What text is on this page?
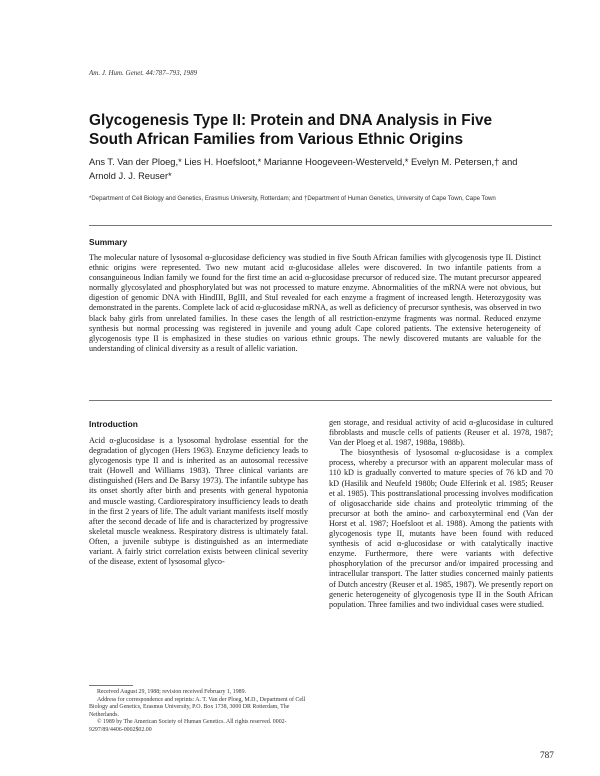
Am. J. Hum. Genet. 44:787–793, 1989
Glycogenesis Type II: Protein and DNA Analysis in Five South African Families from Various Ethnic Origins
Ans T. Van der Ploeg,* Lies H. Hoefsloot,* Marianne Hoogeveen-Westerveld,* Evelyn M. Petersen,† and Arnold J. J. Reuser*
*Department of Cell Biology and Genetics, Erasmus University, Rotterdam; and †Department of Human Genetics, University of Cape Town, Cape Town
Summary

The molecular nature of lysosomal α-glucosidase deficiency was studied in five South African families with glycogenosis type II. Distinct ethnic origins were represented. Two new mutant acid α-glucosidase alleles were discovered. In two infantile patients from a consanguineous Indian family we found for the first time an acid α-glucosidase precursor of reduced size. The mutant precursor appeared normally glycosylated and phosphorylated but was not processed to mature enzyme. Abnormalities of the mRNA were not obvious, but digestion of genomic DNA with HindIII, BglII, and StuI revealed for each enzyme a fragment of increased length. Heterozygosity was demonstrated in the parents. Complete lack of acid α-glucosidase mRNA, as well as deficiency of precursor synthesis, was observed in two black baby girls from unrelated families. In these cases the length of all restriction-enzyme fragments was normal. Reduced enzyme synthesis but normal processing was registered in juvenile and young adult Cape colored patients. The extensive heterogeneity of glycogenosis type II is emphasized in these studies on various ethnic groups. The newly discovered mutants are valuable for the understanding of clinical diversity as a result of allelic variation.

Introduction

Acid α-glucosidase is a lysosomal hydrolase essential for the degradation of glycogen (Hers 1963). Enzyme deficiency leads to glycogenosis type II and is inherited as an autosomal recessive trait (Howell and Williams 1983). Three clinical variants are distinguished (Hers and De Barsy 1973). The infantile subtype has its onset shortly after birth and presents with general hypotonia and muscle wasting. Cardiorespiratory insufficiency leads to death in the first 2 years of life. The adult variant manifests itself mostly after the second decade of life and is characterized by progressive skeletal muscle weakness. Respiratory distress is ultimately fatal. Often, a juvenile subtype is distinguished as an intermediate variant. A fairly strict correlation exists between clinical severity of the disease, extent of lysosomal glyco-

gen storage, and residual activity of acid α-glucosidase in cultured fibroblasts and muscle cells of patients (Reuser et al. 1978, 1987; Van der Ploeg et al. 1987, 1988a, 1988b).

The biosynthesis of lysosomal α-glucosidase is a complex process, whereby a precursor with an apparent molecular mass of 110 kD is gradually converted to mature species of 76 kD and 70 kD (Hasilik and Neufeld 1980b; Oude Elferink et al. 1985; Reuser et al. 1985). This posttranslational processing involves modification of oligosaccharide side chains and proteolytic trimming of the precursor at both the amino- and carboxyterminal end (Van der Horst et al. 1987; Hoefsloot et al. 1988). Among the patients with glycogenosis type II, mutants have been found with reduced synthesis of acid α-glucosidase or with catalytically inactive enzyme. Furthermore, there were variants with defective phosphorylation of the precursor and/or impaired processing and intracellular transport. The latter studies concerned mainly patients of Dutch ancestry (Reuser et al. 1985, 1987). We presently report on generic heterogeneity of glycogenosis type II in the South African population. Three families and two individual cases were studied.

Received August 29, 1988; revision received February 1, 1989.

Address for correspondence and reprints: A. T. Van der Ploeg, M.D., Department of Cell Biology and Genetics, Erasmus University, P.O. Box 1738, 3000 DR Rotterdam, The Netherlands.

© 1989 by The American Society of Human Genetics. All rights reserved. 0002-9297/89/4406-0002$02.00

787
